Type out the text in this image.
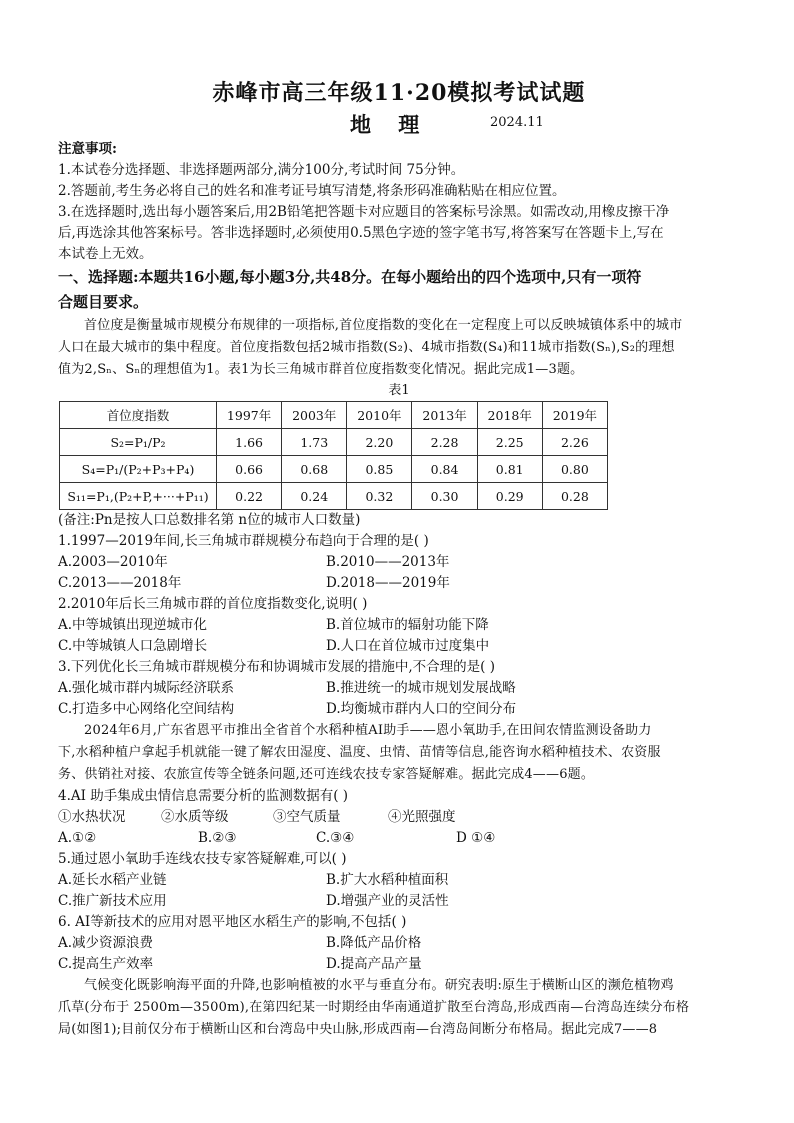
赤峰市高三年级11·20模拟考试试题
地 理	2024.11

注意事项:

1.本试卷分选择题、非选择题两部分,满分100分,考试时间 75分钟。

2.答题前,考生务必将自己的姓名和准考证号填写清楚,将条形码准确粘贴在相应位置。

3.在选择题时,选出每小题答案后,用2B铅笔把答题卡对应题目的答案标号涂黑。如需改动,用橡皮擦干净

后,再选涂其他答案标号。答非选择题时,必须使用0.5黑色字迹的签字笔书写,将答案写在答题卡上,写在

本试卷上无效。

一、选择题:本题共16小题,每小题3分,共48分。在每小题给出的四个选项中,只有一项符

合题目要求。

首位度是衡量城市规模分布规律的一项指标,首位度指数的变化在一定程度上可以反映城镇体系中的城市

人口在最大城市的集中程度。首位度指数包括2城市指数(S₂)、4城市指数(S₄)和11城市指数(Sₙ),S₂的理想

值为2,Sₙ、Sₙ的理想值为1。表1为长三角城市群首位度指数变化情况。据此完成1—3题。

表1

首位度指数	1997年	2003年	2010年	2013年	2018年	2019年
S₂=P₁/P₂	1.66	1.73	2.20	2.28	2.25	2.26
S₄=P₁/(P₂+P₃+P₄)	0.66	0.68	0.85	0.84	0.81	0.80
S₁₁=P₁,(P₂+P,+···+P₁₁)	0.22	0.24	0.32	0.30	0.29	0.28

(备注:Pn是按人口总数排名第 n位的城市人口数量)

1.1997—2019年间,长三角城市群规模分布趋向于合理的是( )

A.2003—2010年	B.2010——2013年
C.2013——2018年	D.2018——2019年

2.2010年后长三角城市群的首位度指数变化,说明( )

A.中等城镇出现逆城市化	B.首位城市的辐射功能下降
C.中等城镇人口急剧增长	D.人口在首位城市过度集中

3.下列优化长三角城市群规模分布和协调城市发展的措施中,不合理的是( )

A.强化城市群内城际经济联系	B.推进统一的城市规划发展战略
C.打造多中心网络化空间结构	D.均衡城市群内人口的空间分布

2024年6月,广东省恩平市推出全省首个水稻种植AI助手——恩小氧助手,在田间农情监测设备助力

下,水稻种植户拿起手机就能一键了解农田湿度、温度、虫情、苗情等信息,能咨询水稻种植技术、农资服

务、供销社对接、农旅宣传等全链条问题,还可连线农技专家答疑解难。据此完成4——6题。

4.AI 助手集成虫情信息需要分析的监测数据有( )

①水热状况	②水质等级	③空气质量	④光照强度
A.①②	B.②③	C.③④	D ①④

5.通过恩小氧助手连线农技专家答疑解难,可以( )

A.延长水稻产业链	B.扩大水稻种植面积
C.推广新技术应用	D.增强产业的灵活性

6. AI等新技术的应用对恩平地区水稻生产的影响,不包括( )

A.减少资源浪费	B.降低产品价格
C.提高生产效率	D.提高产品产量

气候变化既影响海平面的升降,也影响植被的水平与垂直分布。研究表明:原生于横断山区的濒危植物鸡

爪草(分布于 2500m—3500m),在第四纪某一时期经由华南通道扩散至台湾岛,形成西南—台湾岛连续分布格

局(如图1);目前仅分布于横断山区和台湾岛中央山脉,形成西南—台湾岛间断分布格局。据此完成7——8
